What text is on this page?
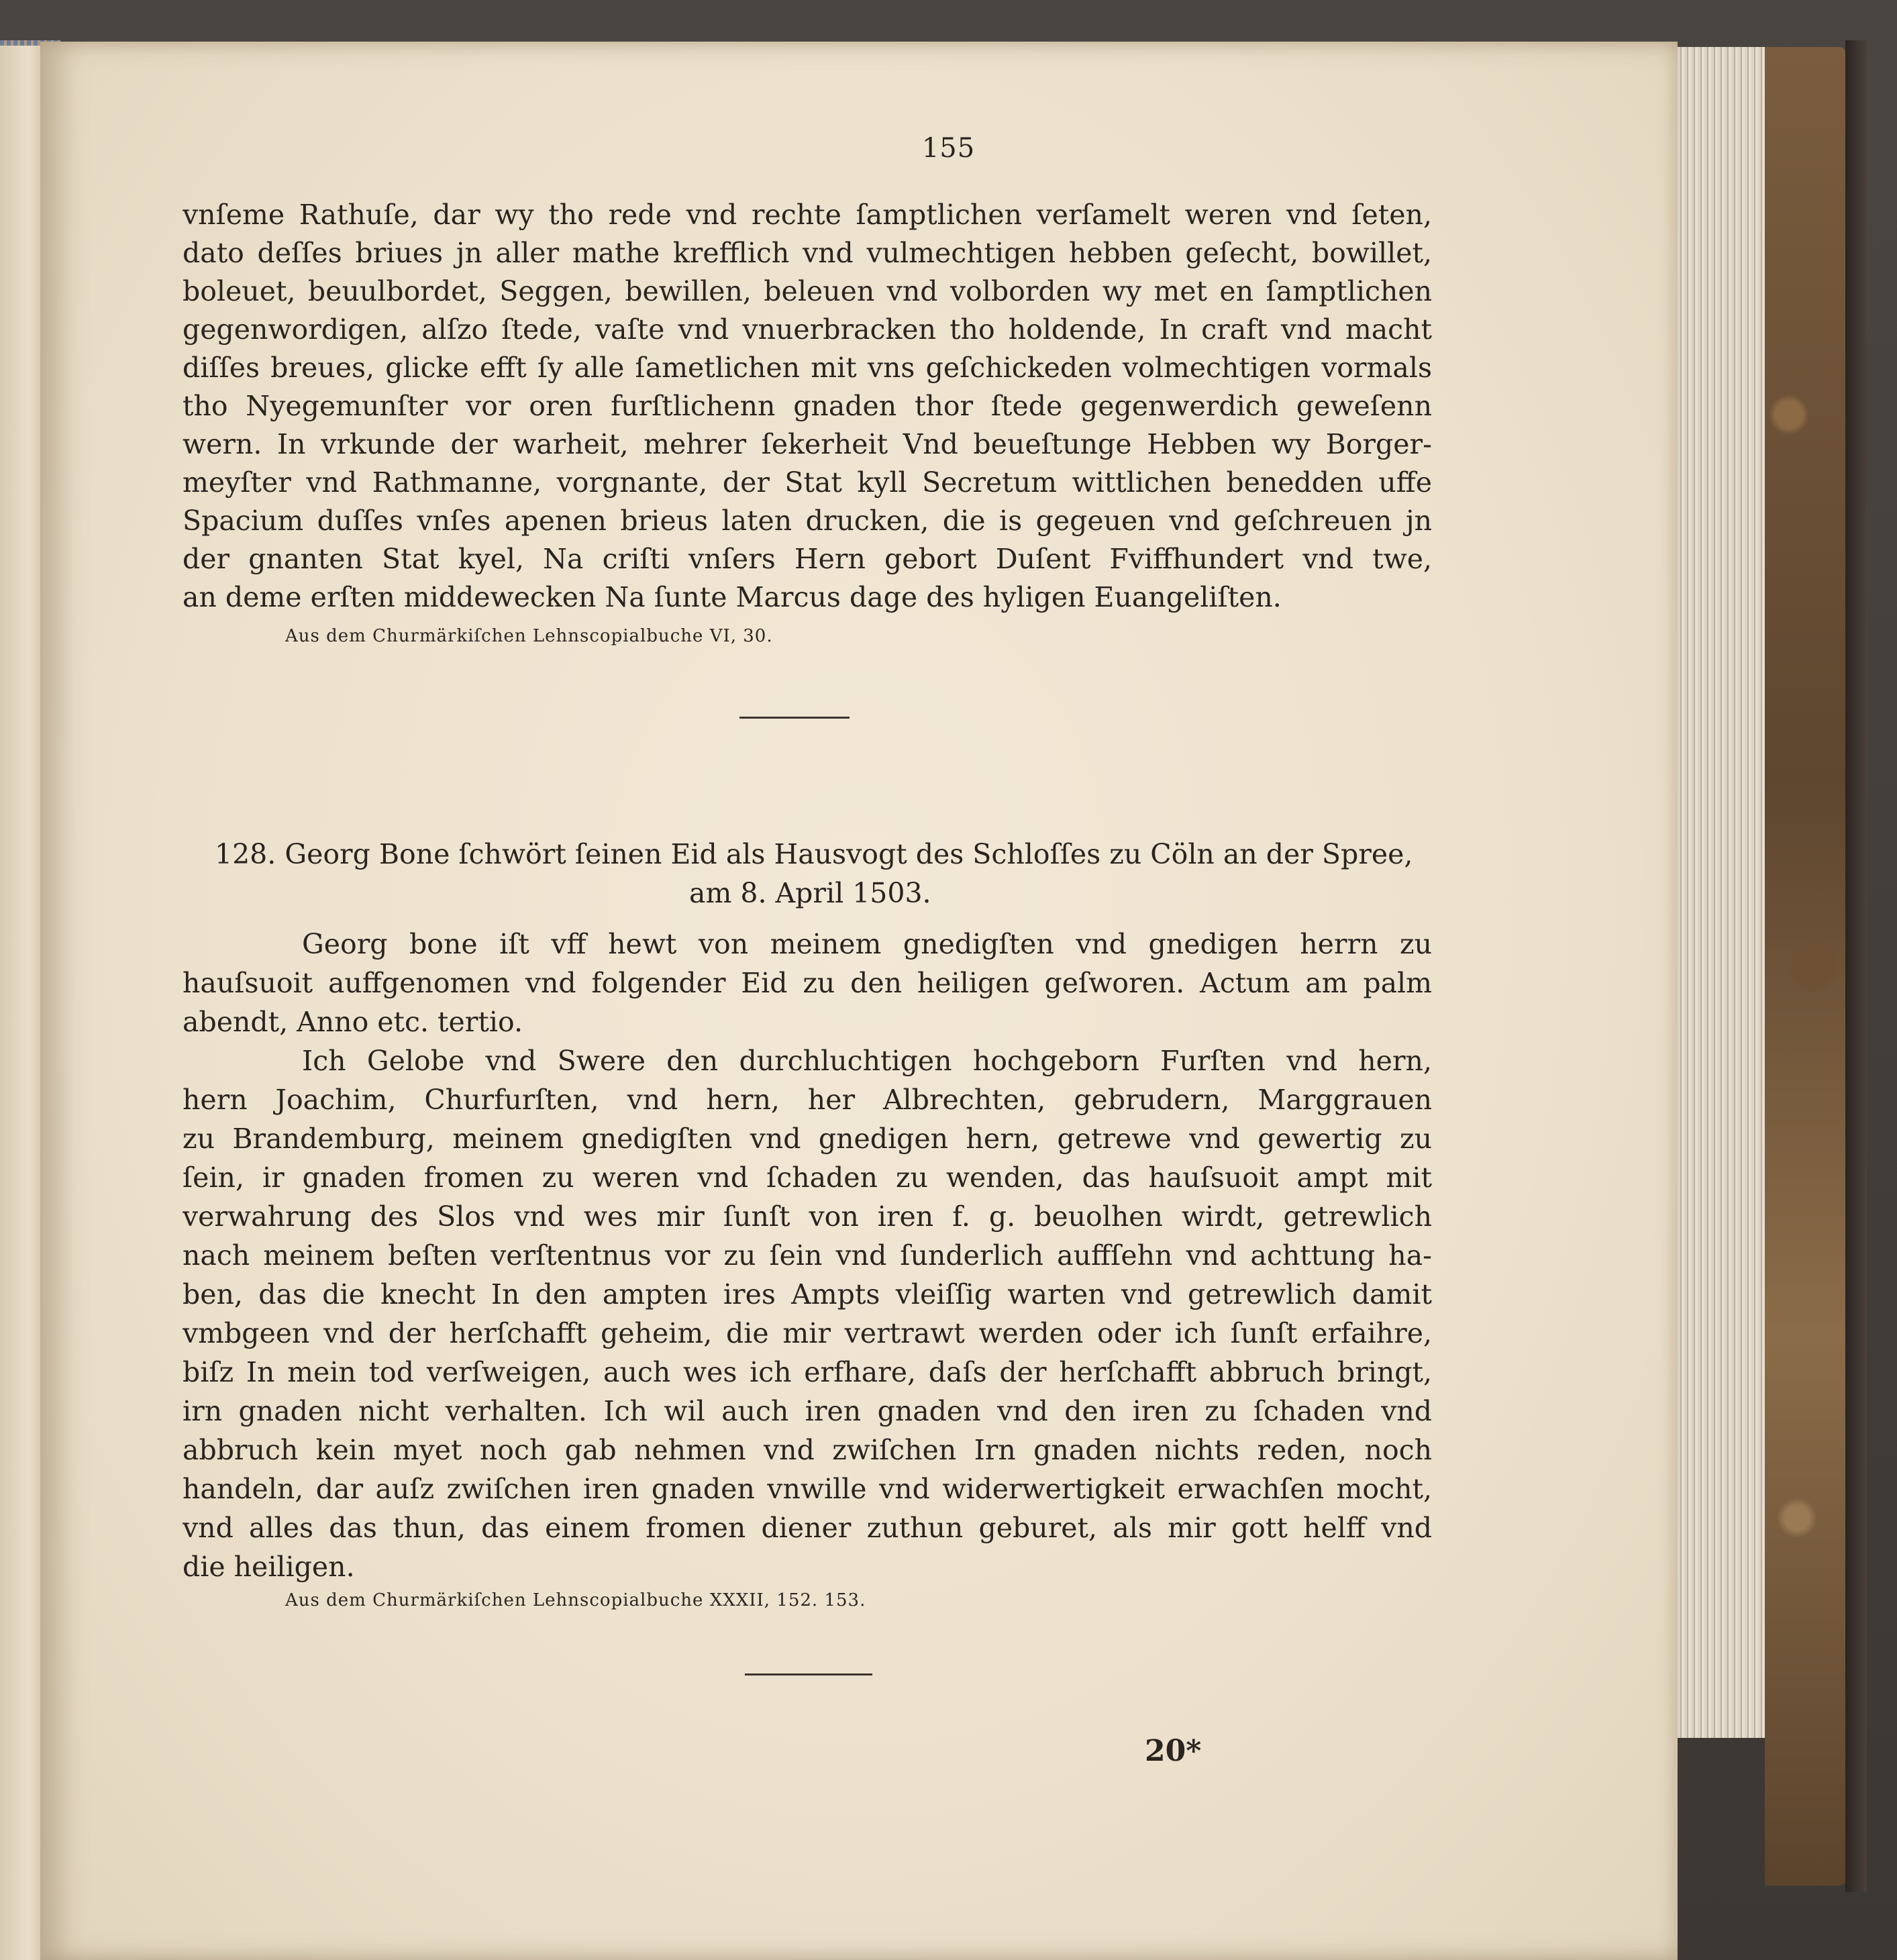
155
vnſeme Rathuſe, dar wy tho rede vnd rechte ſamptlichen verſamelt weren vnd ſeten,
dato deſſes briues jn aller mathe krefflich vnd vulmechtigen hebben geſecht, bowillet,
boleuet, beuulbordet, Seggen, bewillen, beleuen vnd volborden wy met en ſamptlichen
gegenwordigen, alſzo ſtede, vaſte vnd vnuerbracken tho holdende, In craft vnd macht
diſſes breues, glicke efft ſy alle ſametlichen mit vns geſchickeden volmechtigen vormals
tho Nyegemunſter vor oren furſtlichenn gnaden thor ſtede gegenwerdich geweſenn
wern. In vrkunde der warheit, mehrer ſekerheit Vnd beueſtunge Hebben wy Borger-
meyſter vnd Rathmanne, vorgnante, der Stat kyll Secretum wittlichen benedden uffe
Spacium duſſes vnſes apenen brieus laten drucken, die is gegeuen vnd geſchreuen jn
der gnanten Stat kyel, Na criſti vnſers Hern gebort Duſent Fviffhundert vnd twe,
an deme erſten middewecken Na ſunte Marcus dage des hyligen Euangeliſten.
Aus dem Churmärkiſchen Lehnscopialbuche VI, 30.
128. Georg Bone ſchwört ſeinen Eid als Hausvogt des Schloſſes zu Cöln an der Spree,
am 8. April 1503.
Georg bone iſt vff hewt von meinem gnedigſten vnd gnedigen herrn zu
hauſsuoit auffgenomen vnd folgender Eid zu den heiligen geſworen. Actum am palm
abendt, Anno etc. tertio.
Ich Gelobe vnd Swere den durchluchtigen hochgeborn Furſten vnd hern,
hern Joachim, Churfurſten, vnd hern, her Albrechten, gebrudern, Marggrauen
zu Brandemburg, meinem gnedigſten vnd gnedigen hern, getrewe vnd gewertig zu
ſein, ir gnaden fromen zu weren vnd ſchaden zu wenden, das hauſsuoit ampt mit
verwahrung des Slos vnd wes mir ſunſt von iren f. g. beuolhen wirdt, getrewlich
nach meinem beſten verſtentnus vor zu ſein vnd ſunderlich auffſehn vnd achttung ha-
ben, das die knecht In den ampten ires Ampts vleiſſig warten vnd getrewlich damit
vmbgeen vnd der herſchafft geheim, die mir vertrawt werden oder ich ſunſt erfaihre,
biſz In mein tod verſweigen, auch wes ich erfhare, daſs der herſchafft abbruch bringt,
irn gnaden nicht verhalten. Ich wil auch iren gnaden vnd den iren zu ſchaden vnd
abbruch kein myet noch gab nehmen vnd zwiſchen Irn gnaden nichts reden, noch
handeln, dar auſz zwiſchen iren gnaden vnwille vnd widerwertigkeit erwachſen mocht,
vnd alles das thun, das einem fromen diener zuthun geburet, als mir gott helff vnd
die heiligen.
Aus dem Churmärkiſchen Lehnscopialbuche XXXII, 152. 153.
20*
